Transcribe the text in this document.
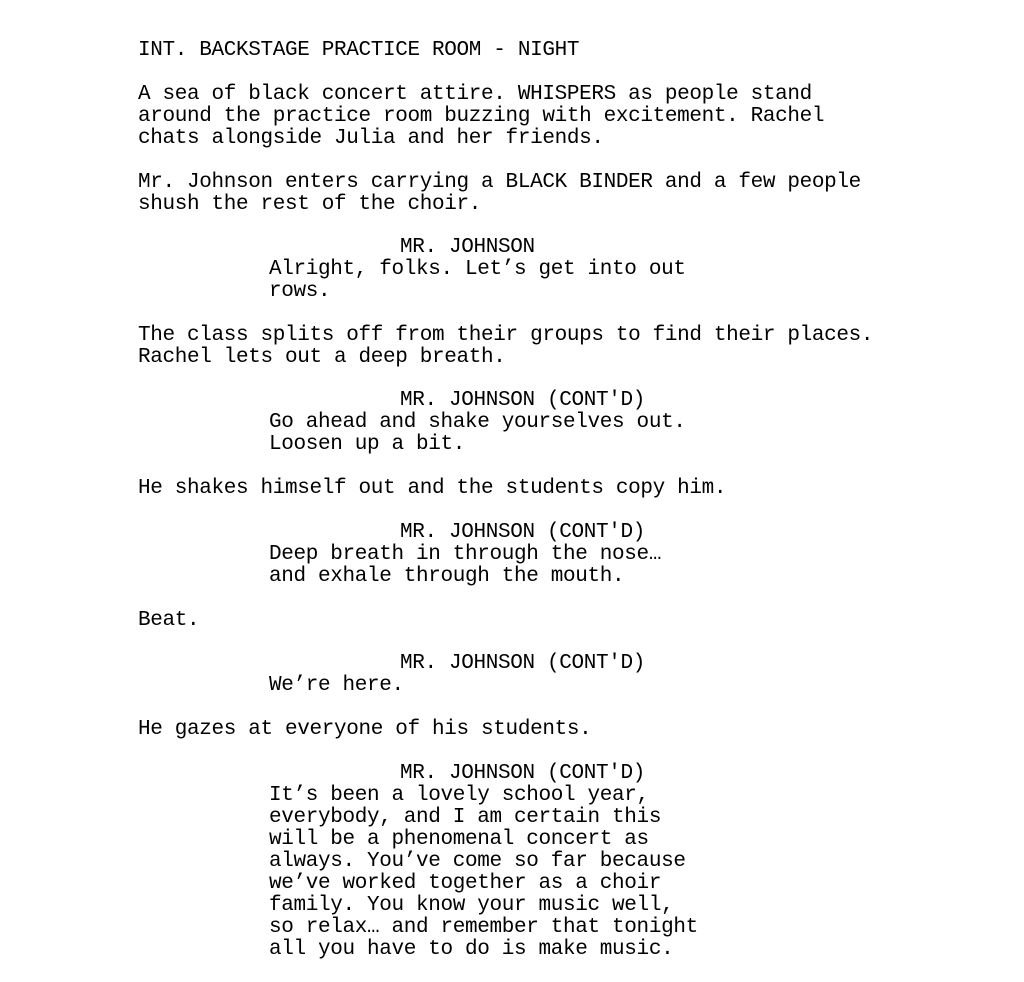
INT. BACKSTAGE PRACTICE ROOM - NIGHT

A sea of black concert attire. WHISPERS as people stand
around the practice room buzzing with excitement. Rachel
chats alongside Julia and her friends.
Mr. Johnson enters carrying a BLACK BINDER and a few people
shush the rest of the choir.

MR. JOHNSON

Alright, folks. Let’s get into out
rows.
The class splits off from their groups to find their places.
Rachel lets out a deep breath.

MR. JOHNSON (CONT'D)

Go ahead and shake yourselves out.
Loosen up a bit.
He shakes himself out and the students copy him.

MR. JOHNSON (CONT'D)

Deep breath in through the nose…
and exhale through the mouth.
Beat.

MR. JOHNSON (CONT'D)

We’re here.
He gazes at everyone of his students.

MR. JOHNSON (CONT'D)

It’s been a lovely school year,
everybody, and I am certain this
will be a phenomenal concert as
always. You’ve come so far because
we’ve worked together as a choir
family. You know your music well,
so relax… and remember that tonight
all you have to do is make music.
